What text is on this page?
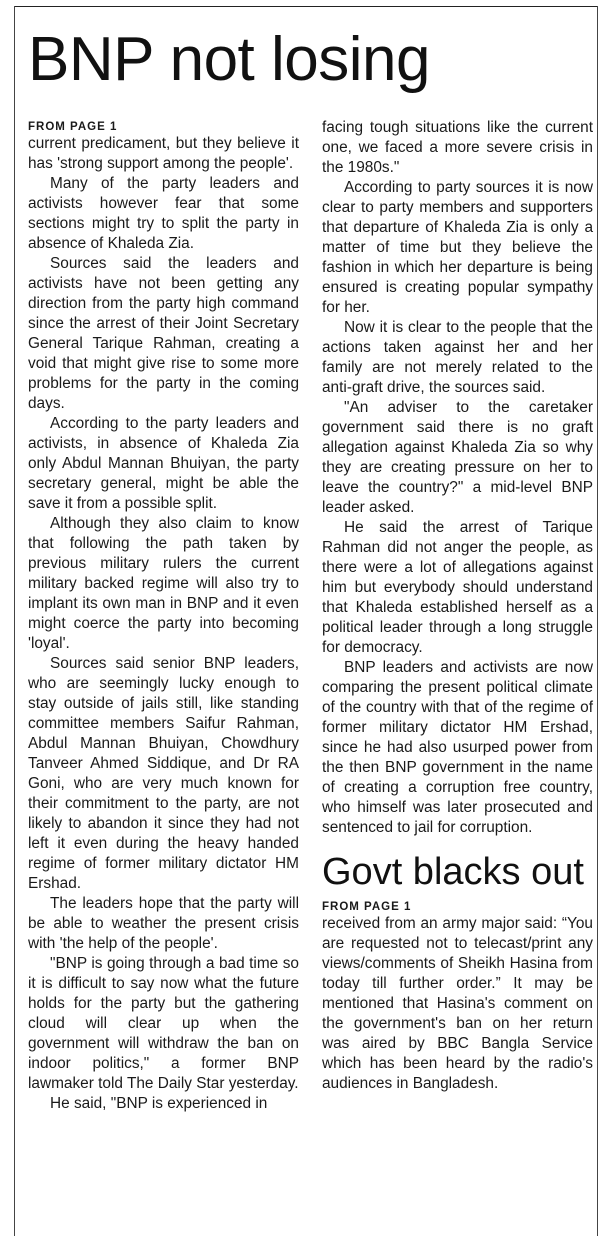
BNP not losing
FROM PAGE 1

current predicament, but they believe it has 'strong support among the people'.

Many of the party leaders and activists however fear that some sections might try to split the party in absence of Khaleda Zia.

Sources said the leaders and activists have not been getting any direction from the party high command since the arrest of their Joint Secretary General Tarique Rahman, creating a void that might give rise to some more problems for the party in the coming days.

According to the party leaders and activists, in absence of Khaleda Zia only Abdul Mannan Bhuiyan, the party secretary general, might be able the save it from a possible split.

Although they also claim to know that following the path taken by previous military rulers the current military backed regime will also try to implant its own man in BNP and it even might coerce the party into becoming 'loyal'.

Sources said senior BNP leaders, who are seemingly lucky enough to stay outside of jails still, like standing committee members Saifur Rahman, Abdul Mannan Bhuiyan, Chowdhury Tanveer Ahmed Siddique, and Dr RA Goni, who are very much known for their commitment to the party, are not likely to abandon it since they had not left it even during the heavy handed regime of former military dictator HM Ershad.

The leaders hope that the party will be able to weather the present crisis with 'the help of the people'.

"BNP is going through a bad time so it is difficult to say now what the future holds for the party but the gathering cloud will clear up when the government will withdraw the ban on indoor politics," a former BNP lawmaker told The Daily Star yesterday.

He said, "BNP is experienced in

facing tough situations like the current one, we faced a more severe crisis in the 1980s."

According to party sources it is now clear to party members and supporters that departure of Khaleda Zia is only a matter of time but they believe the fashion in which her departure is being ensured is creating popular sympathy for her.

Now it is clear to the people that the actions taken against her and her family are not merely related to the anti-graft drive, the sources said.

"An adviser to the caretaker government said there is no graft allegation against Khaleda Zia so why they are creating pressure on her to leave the country?" a mid-level BNP leader asked.

He said the arrest of Tarique Rahman did not anger the people, as there were a lot of allegations against him but everybody should understand that Khaleda established herself as a political leader through a long struggle for democracy.

BNP leaders and activists are now comparing the present political climate of the country with that of the regime of former military dictator HM Ershad, since he had also usurped power from the then BNP government in the name of creating a corruption free country, who himself was later prosecuted and sentenced to jail for corruption.

Govt blacks out
FROM PAGE 1

received from an army major said: “You are requested not to telecast/print any views/comments of Sheikh Hasina from today till further order.” It may be mentioned that Hasina's comment on the government's ban on her return was aired by BBC Bangla Service which has been heard by the radio's audiences in Bangladesh.
